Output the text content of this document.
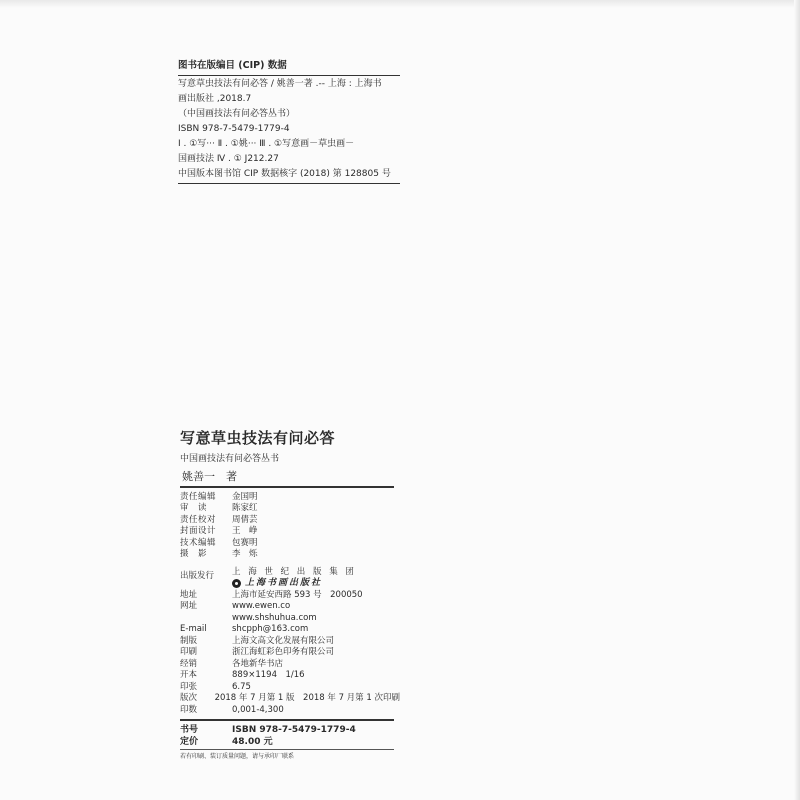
图书在版编目 (CIP) 数据
写意草虫技法有问必答 / 姚善一著 .-- 上海 : 上海书
画出版社 ,2018.7
（中国画技法有问必答丛书）
ISBN 978-7-5479-1779-4
Ⅰ . ①写··· Ⅱ . ①姚··· Ⅲ . ①写意画－草虫画－
国画技法 Ⅳ . ① J212.27
中国版本图书馆 CIP 数据核字 (2018) 第 128805 号
写意草虫技法有问必答
中国画技法有问必答丛书
姚善一　著
责任编辑	金国明
审　读	陈家红
责任校对	周倩芸
封面设计	王　峥
技术编辑	包赛明
摄　影	李　烁
出版发行	上 海 世 纪 出 版 集 团
上海书画出版社
地址	上海市延安西路 593 号　200050
网址	www.ewen.co
www.shshuhua.com
E-mail	shcpph@163.com
制版	上海文高文化发展有限公司
印刷	浙江海虹彩色印务有限公司
经销	各地新华书店
开本	889×1194　1/16
印张	6.75
版次	2018 年 7 月第 1 版　2018 年 7 月第 1 次印刷
印数	0,001-4,300
书号	ISBN 978-7-5479-1779-4
定价	48.00 元
若有印刷、装订质量问题，请与承印厂联系
